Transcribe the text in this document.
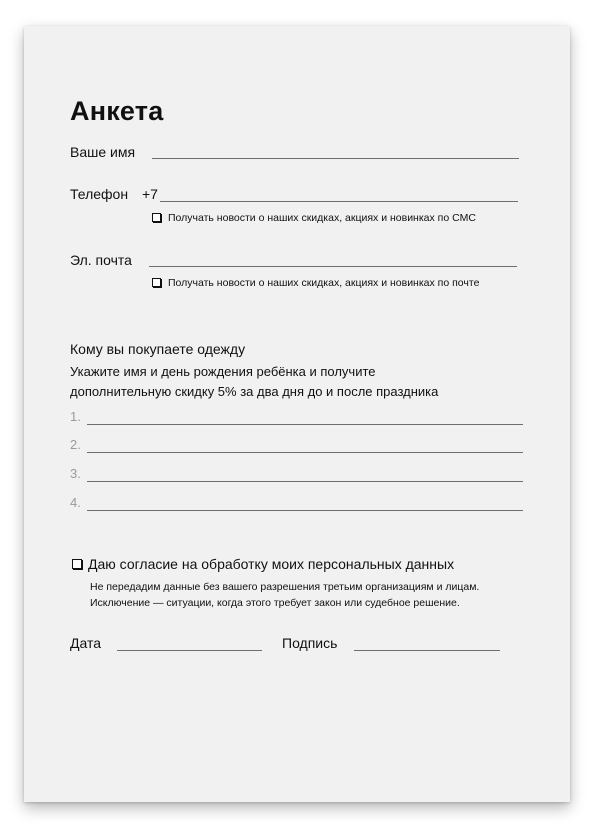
Анкета
Ваше имя
Телефон +7
Получать новости о наших скидках, акциях и новинках по СМС
Эл. почта
Получать новости о наших скидках, акциях и новинках по почте
Кому вы покупаете одежду
Укажите имя и день рождения ребёнка и получите
дополнительную скидку 5% за два дня до и после праздника
1.
2.
3.
4.
Даю согласие на обработку моих персональных данных
Не передадим данные без вашего разрешения третьим организациям и лицам.
Исключение — ситуации, когда этого требует закон или судебное решение.
Дата	Подпись
